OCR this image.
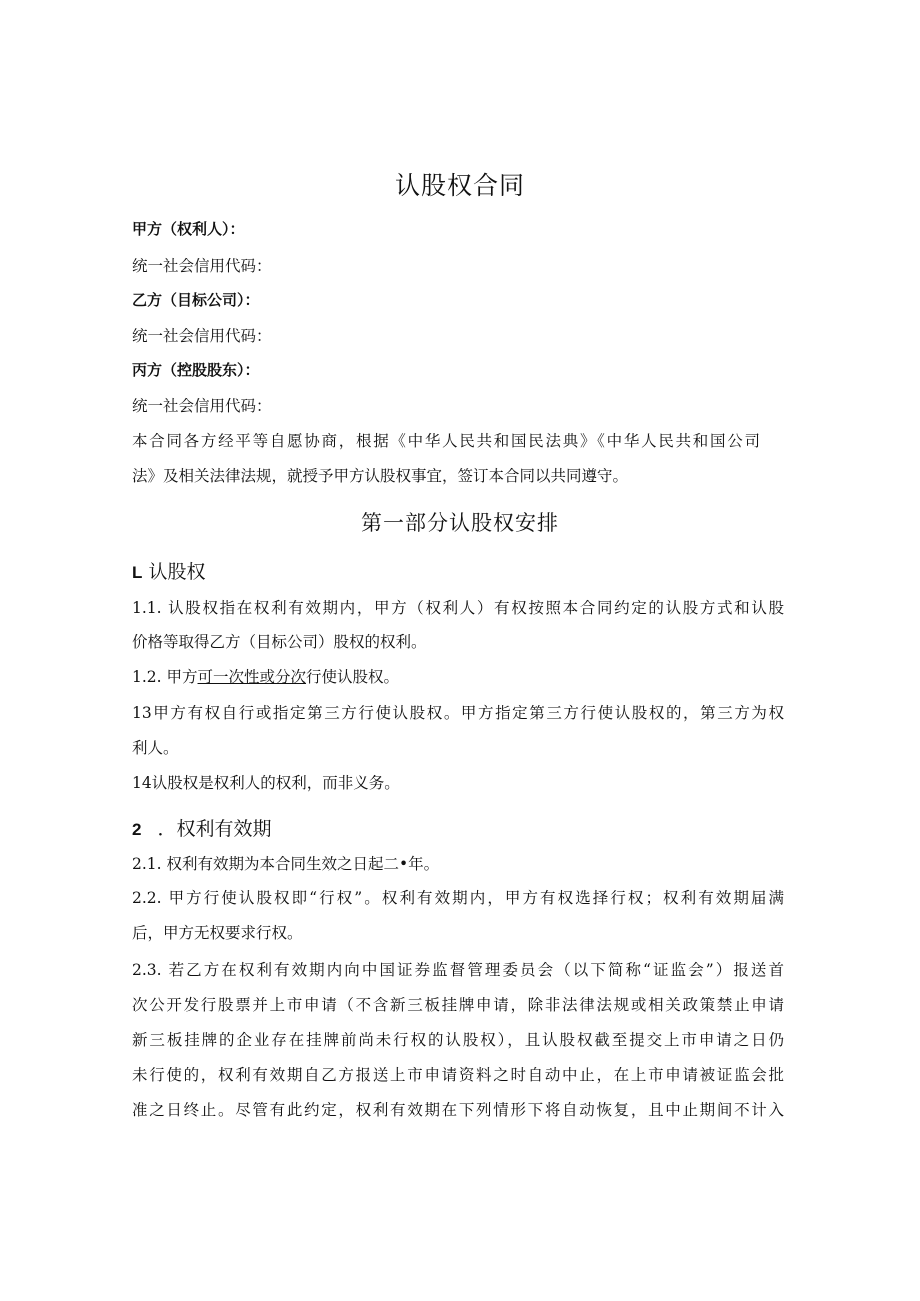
认股权合同
甲方（权利人）：
统一社会信用代码：
乙方（目标公司）：
统一社会信用代码：
丙方（控股股东）：
统一社会信用代码：
本合同各方经平等自愿协商，根据《中华人民共和国民法典》《中华人民共和国公司
法》及相关法律法规，就授予甲方认股权事宜，签订本合同以共同遵守。
第一部分认股权安排
L 认股权
1.1. 认股权指在权利有效期内，甲方（权利人）有权按照本合同约定的认股方式和认股
价格等取得乙方（目标公司）股权的权利。
1.2. 甲方可一次性或分次行使认股权。
13甲方有权自行或指定第三方行使认股权。甲方指定第三方行使认股权的，第三方为权
利人。
14认股权是权利人的权利，而非义务。
2 ．权利有效期
2.1. 权利有效期为本合同生效之日起二•年。
2.2. 甲方行使认股权即“行权”。权利有效期内，甲方有权选择行权；权利有效期届满
后，甲方无权要求行权。
2.3. 若乙方在权利有效期内向中国证券监督管理委员会（以下简称“证监会”）报送首
次公开发行股票并上市申请（不含新三板挂牌申请，除非法律法规或相关政策禁止申请
新三板挂牌的企业存在挂牌前尚未行权的认股权），且认股权截至提交上市申请之日仍
未行使的，权利有效期自乙方报送上市申请资料之时自动中止，在上市申请被证监会批
准之日终止。尽管有此约定，权利有效期在下列情形下将自动恢复，且中止期间不计入
